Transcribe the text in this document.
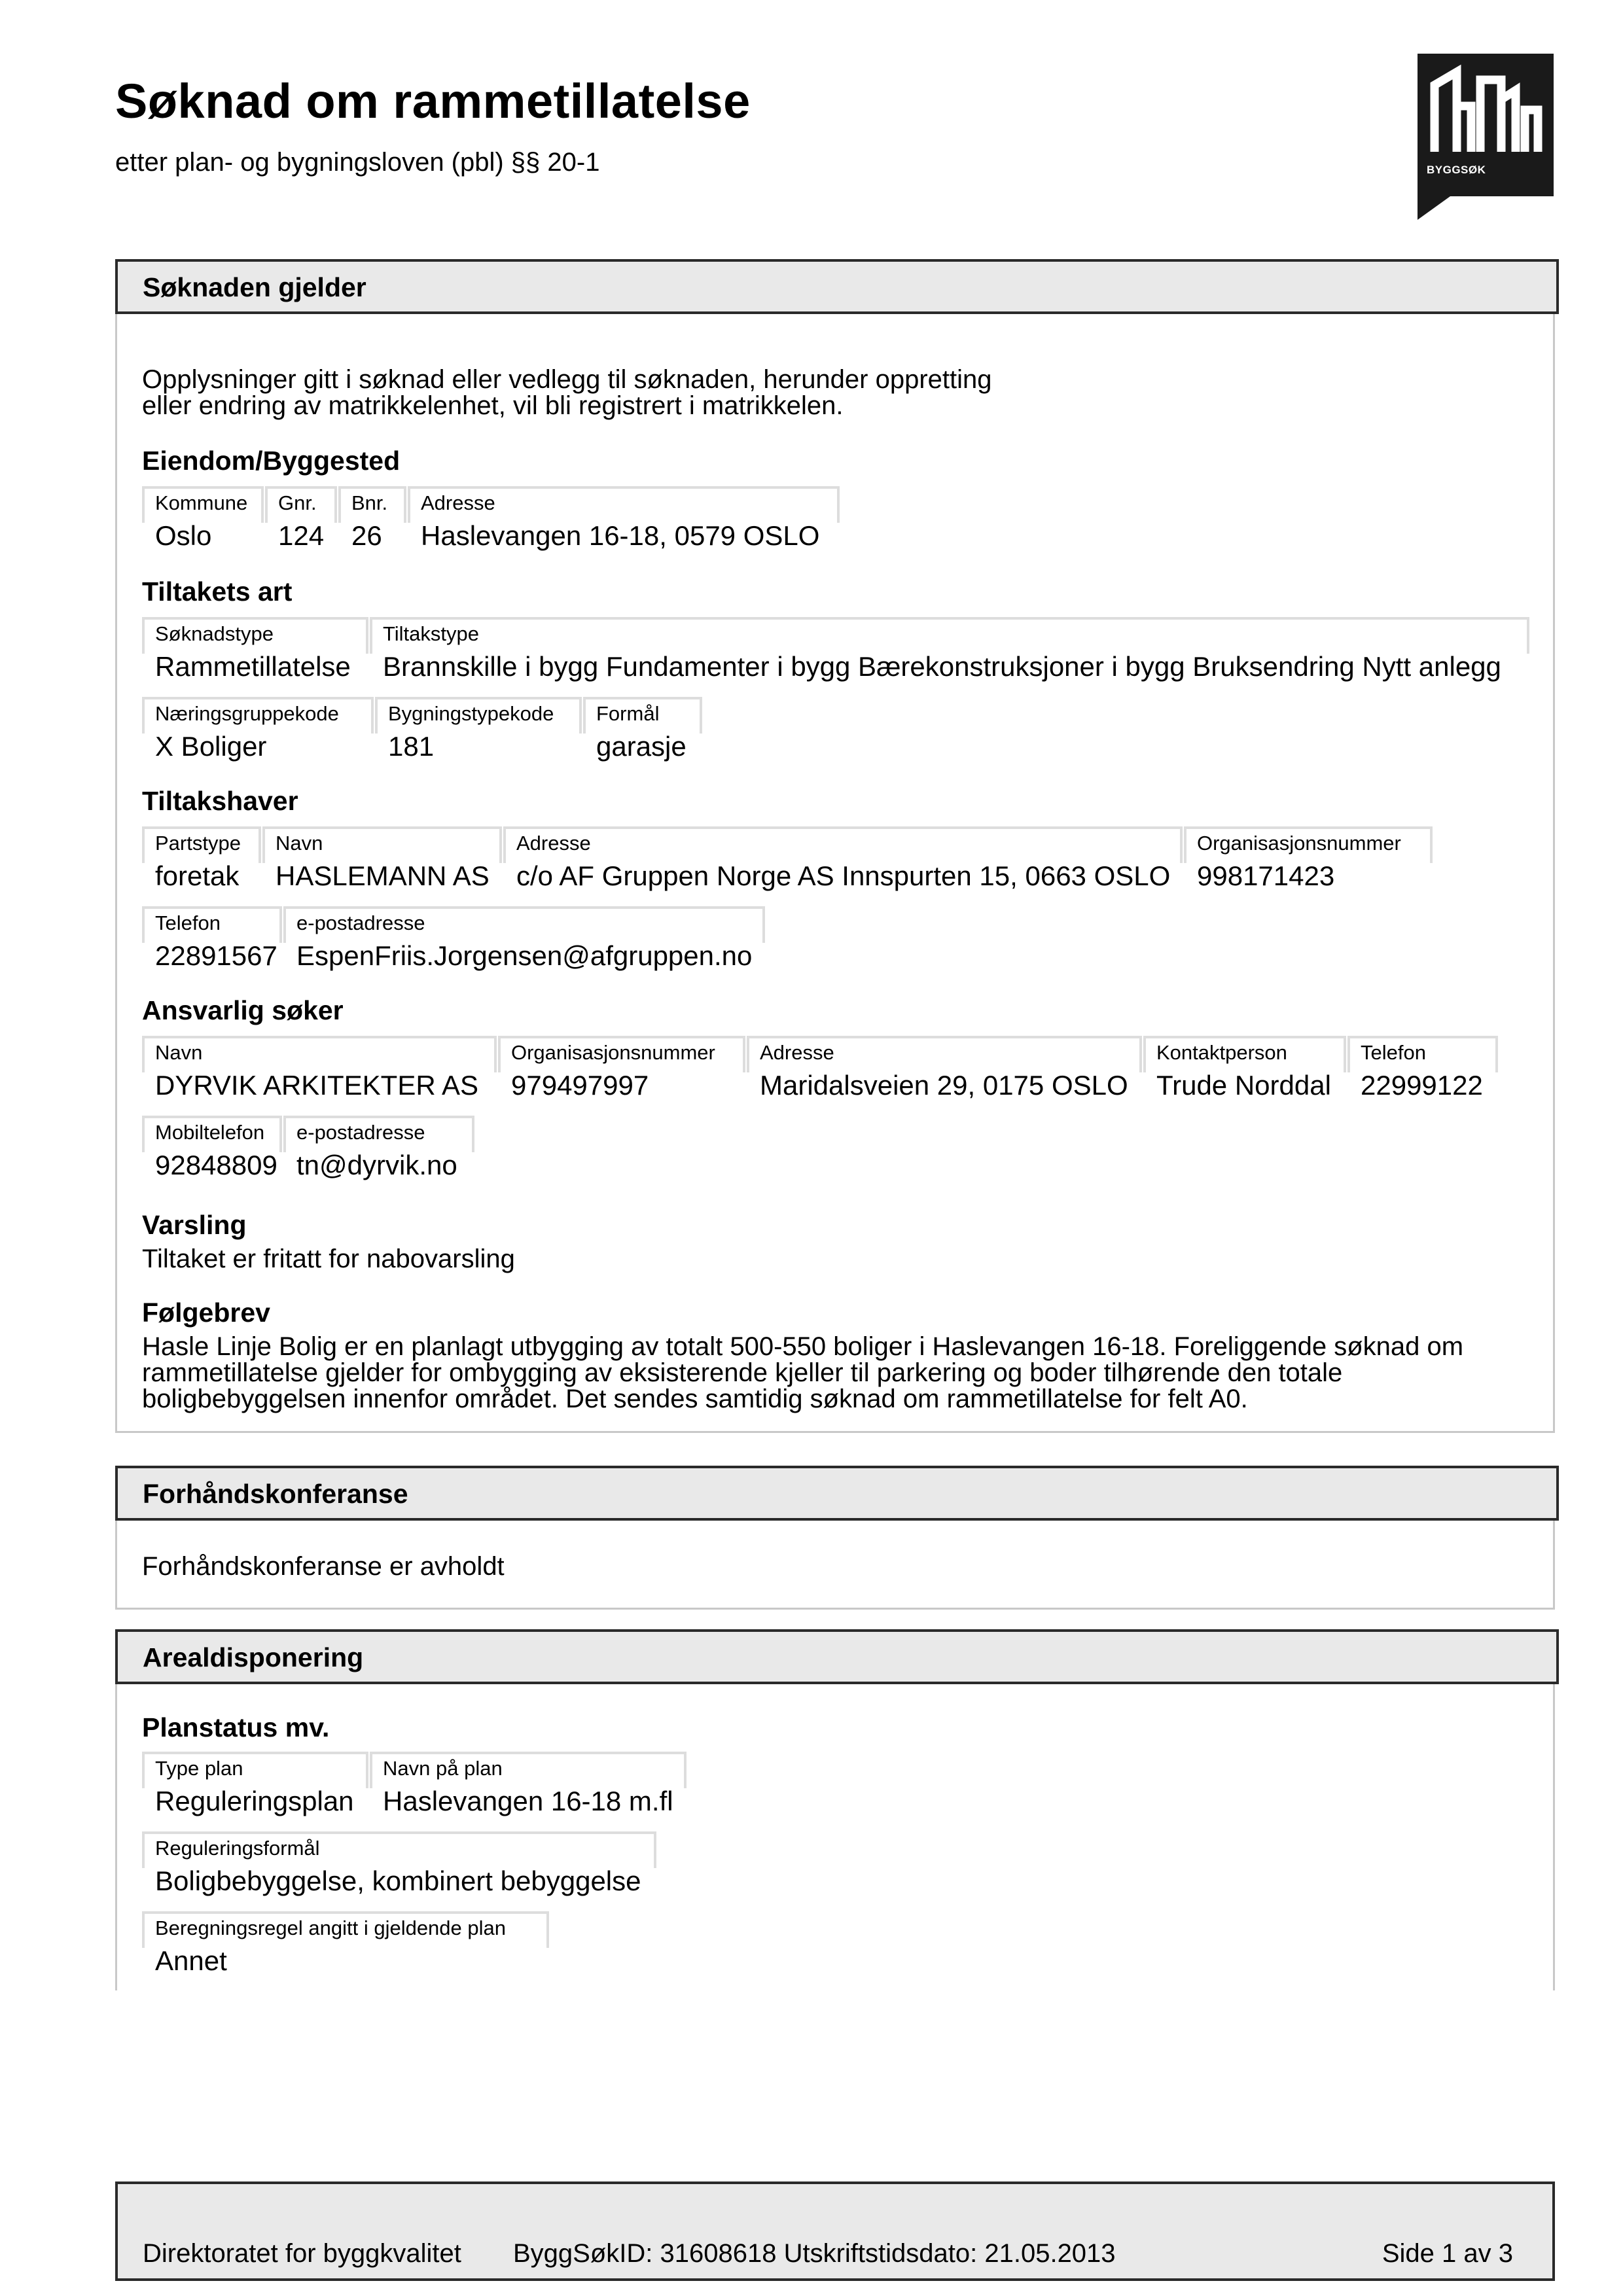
Søknad om rammetillatelse
etter plan- og bygningsloven (pbl) §§ 20-1	BYGGSØK
Søknaden gjelder
Opplysninger gitt i søknad eller vedlegg til søknaden, herunder oppretting
eller endring av matrikkelenhet, vil bli registrert i matrikkelen.
Eiendom/Byggested
Kommune
Oslo
Gnr.
124
Bnr.
26
Adresse
Haslevangen 16-18, 0579 OSLO
Tiltakets art
Søknadstype
Rammetillatelse
Tiltakstype
Brannskille i bygg Fundamenter i bygg Bærekonstruksjoner i bygg Bruksendring Nytt anlegg
Næringsgruppekode
X Boliger
Bygningstypekode
181
Formål
garasje
Tiltakshaver
Partstype
foretak
Navn
HASLEMANN AS
Adresse
c/o AF Gruppen Norge AS Innspurten 15, 0663 OSLO
Organisasjonsnummer
998171423
Telefon
22891567
e-postadresse
EspenFriis.Jorgensen@afgruppen.no
Ansvarlig søker
Navn
DYRVIK ARKITEKTER AS
Organisasjonsnummer
979497997
Adresse
Maridalsveien 29, 0175 OSLO
Kontaktperson
Trude Norddal
Telefon
22999122
Mobiltelefon
92848809
e-postadresse
tn@dyrvik.no
Varsling
Tiltaket er fritatt for nabovarsling
Følgebrev
Hasle Linje Bolig er en planlagt utbygging av totalt 500-550 boliger i Haslevangen 16-18. Foreliggende søknad om
rammetillatelse gjelder for ombygging av eksisterende kjeller til parkering og boder tilhørende den totale
boligbebyggelsen innenfor området. Det sendes samtidig søknad om rammetillatelse for felt A0.
Forhåndskonferanse
Forhåndskonferanse er avholdt
Arealdisponering
Planstatus mv.
Type plan
Reguleringsplan
Navn på plan
Haslevangen 16-18 m.fl
Reguleringsformål
Boligbebyggelse, kombinert bebyggelse
Beregningsregel angitt i gjeldende plan
Annet
Direktoratet for byggkvalitet ByggSøkID: 31608618 Utskriftstidsdato: 21.05.2013	Side 1 av 3
